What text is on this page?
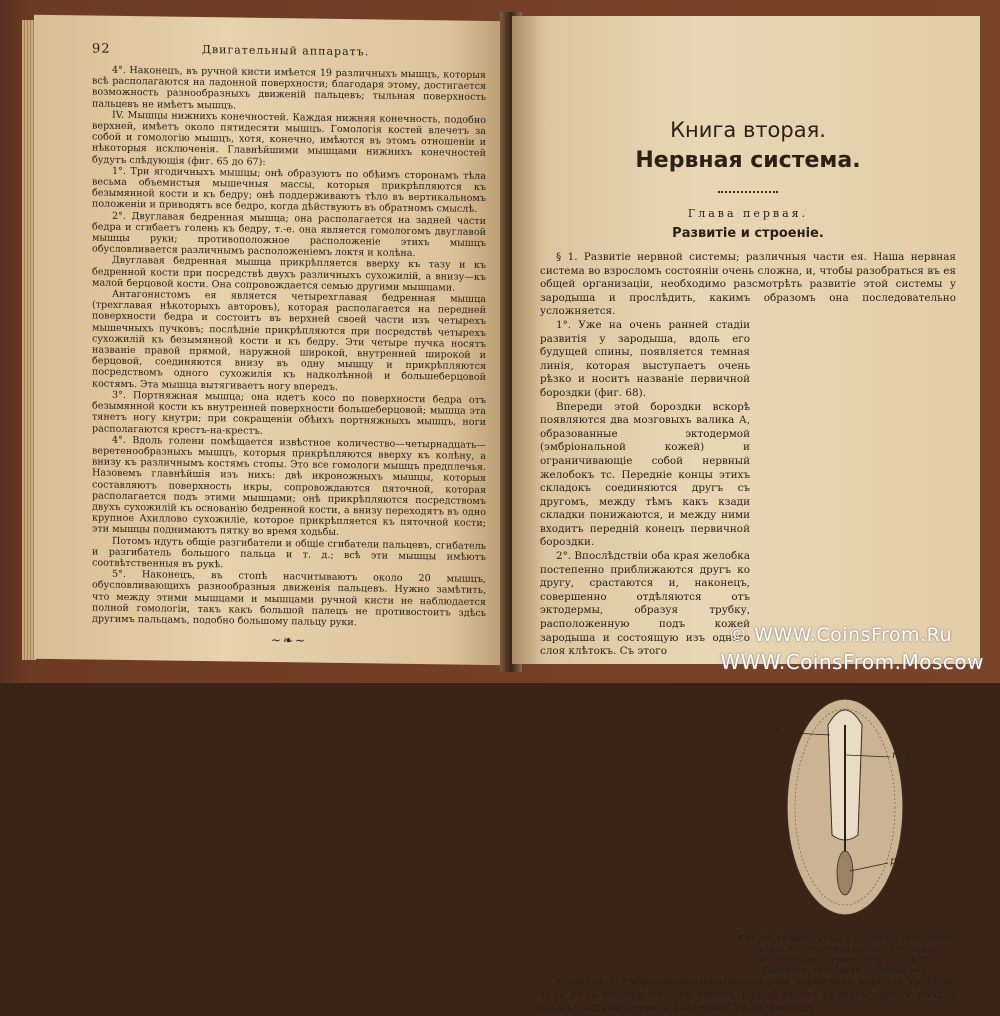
92	Двигательный аппаратъ.

4°. Наконецъ, въ ручной кисти имѣется 19 различныхъ мышцъ, которыя всѣ располагаются на ладонной поверхности; благодаря этому, достигается возможность разнообразныхъ движеній пальцевъ; тыльная поверхность пальцевъ не имѣетъ мышцъ.

IV. Мышцы нижнихъ конечностей. Каждая нижняя конечность, подобно верхней, имѣетъ около пятидесяти мышцъ. Гомологія костей влечетъ за собой и гомологію мышцъ, хотя, конечно, имѣются въ этомъ отношеніи и нѣкоторыя исключенія. Главнѣйшими мышцами нижнихъ конечностей будутъ слѣдующія (фиг. 65 до 67):

1°. Три ягодичныхъ мышцы; онѣ образуютъ по обѣимъ сторонамъ тѣла весьма объемистыя мышечныя массы, которыя прикрѣпляются къ безымянной кости и къ бедру; онѣ поддерживаютъ тѣло въ вертикальномъ положеніи и приводятъ все бедро, когда дѣйствуютъ въ обратномъ смыслѣ.

2°. Двуглавая бедренная мышца; она располагается на задней части бедра и сгибаетъ голень къ бедру, т.-е. она является гомологомъ двуглавой мышцы руки; противоположное расположеніе этихъ мышцъ обусловливается различнымъ расположеніемъ локтя и колѣна.

Двуглавая бедренная мышца прикрѣпляется вверху къ тазу и къ бедренной кости при посредствѣ двухъ различныхъ сухожилій, а внизу—къ малой берцовой кости. Она сопровождается семью другими мышцами.

Антагонистомъ ея является четырехглавая бедренная мышца (трехглавая нѣкоторыхъ авторовъ), которая располагается на передней поверхности бедра и состоитъ въ верхней своей части изъ четырехъ мышечныхъ пучковъ; послѣдніе прикрѣпляются при посредствѣ четырехъ сухожилій къ безымянной кости и къ бедру. Эти четыре пучка носятъ названіе правой прямой, наружной широкой, внутренней широкой и берцовой, соединяются внизу въ одну мышцу и прикрѣпляются посредствомъ одного сухожилія къ надколѣнной и большеберцовой костямъ. Эта мышца вытягиваетъ ногу впередъ.

3°. Портняжная мышца; она идетъ косо по поверхности бедра отъ безымянной кости къ внутренней поверхности большеберцовой; мышца эта тянетъ ногу кнутри; при сокращеніи обѣихъ портняжныхъ мышцъ, ноги располагаются крестъ-на-крестъ.

4°. Вдоль голени помѣщается извѣстное количество—четырнадцать—веретенообразныхъ мышцъ, которыя прикрѣпляются вверху къ колѣну, а внизу къ различнымъ костямъ стопы. Это все гомологи мышцъ предплечья. Назовемъ главнѣйшія изъ нихъ: двѣ икроножныхъ мышцы, которыя составляютъ поверхность икры, сопровождаются пяточной, которая располагается подъ этими мышцами; онѣ прикрѣпляются посредствомъ двухъ сухожилій къ основанію бедренной кости, а внизу переходятъ въ одно крупное Ахиллово сухожиліе, которое прикрѣпляется къ пяточной кости; эти мышцы поднимаютъ пятку во время ходьбы.

Потомъ идутъ общіе разгибатели и общіе сгибатели пальцевъ, сгибатель и разгибатель большого пальца и т. д.; всѣ эти мышцы имѣютъ соотвѣтственныя въ рукѣ.

5°. Наконецъ, въ стопѣ насчитываютъ около 20 мышцъ, обусловливающихъ разнообразныя движенія пальцевъ. Нужно замѣтить, что между этими мышцами и мышцами ручной кисти не наблюдается полной гомологіи, такъ какъ большой палецъ не противостоитъ здѣсь другимъ пальцамъ, подобно большому пальцу руки.

~❧~
Книга вторая.
Нервная система.
Глава первая.
Развитіе и строеніе.

§ 1. Развитіе нервной системы; различныя части ея. Наша нервная система во взросломъ состояніи очень сложна, и, чтобы разобраться въ ея общей организаціи, необходимо разсмотрѣть развитіе этой системы у зародыша и прослѣдить, какимъ образомъ она последовательно усложняется.

1°. Уже на очень ранней стадіи развитія у зародыша, вдоль его будущей спины, появляется темная линія, которая выступаетъ очень рѣзко и носитъ названіе первичной бороздки (фиг. 68).

Впереди этой бороздки вскорѣ появляются два мозговыхъ валика А, образованные эктодермой (эмбріональной кожей) и ограничивающіе собой нервный желобокъ тс. Передніе концы этихъ складокъ соединяются другъ съ другомъ, между тѣмъ какъ кзади складки понижаются, и между ними входитъ передній конецъ первичной бороздки.

2°. Впослѣдствіи оба края желобка постепенно приближаются другъ ко другу, срастаются и, наконецъ, совершенно отдѣляются отъ эктодермы, образуя трубку, расположенную подъ кожей зародыша и состоящую изъ одного слоя клѣтокъ. Съ этого

A
т.с
pr
Фиг. 68. Развитіе мозга. - Зародышъ со спинной стороны: А — мозговыя валики; тс—нервный желобокъ; pr—первичная бороздка (О. Гершвигъ, «Учебникъ эмбріологіи»).

момента это образованіе называется уже первичной нервной трубкой, такъ какъ именно она, въ своемъ дальнѣйшемъ развитіи, даетъ начало всѣмъ частямъ нервной системы (П и Ш, фиг. 69).

© WWW.CoinsFrom.Ru
WWW.CoinsFrom.Moscow
